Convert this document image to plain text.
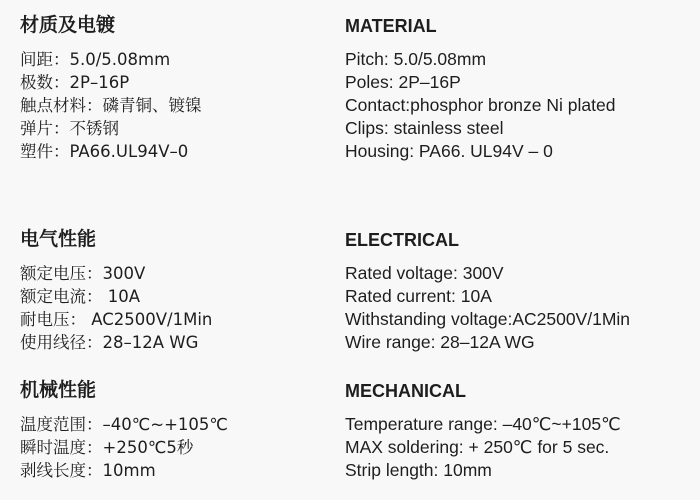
材质及电镀
间距：5.0/5.08mm
极数：2P–16P
触点材料：磷青铜、镀镍
弹片：不锈钢
塑件：PA66.UL94V–0
电气性能
额定电压：300V
额定电流： 10A
耐电压： AC2500V/1Min
使用线径：28–12A WG
机械性能
温度范围：–40℃~+105℃
瞬时温度：+250℃5秒
剥线长度：10mm
MATERIAL
Pitch: 5.0/5.08mm
Poles: 2P–16P
Contact:phosphor bronze Ni plated
Clips: stainless steel
Housing: PA66. UL94V – 0
ELECTRICAL
Rated voltage: 300V
Rated current: 10A
Withstanding voltage:AC2500V/1Min
Wire range: 28–12A WG
MECHANICAL
Temperature range: –40℃~+105℃
MAX soldering: + 250℃ for 5 sec.
Strip length: 10mm
